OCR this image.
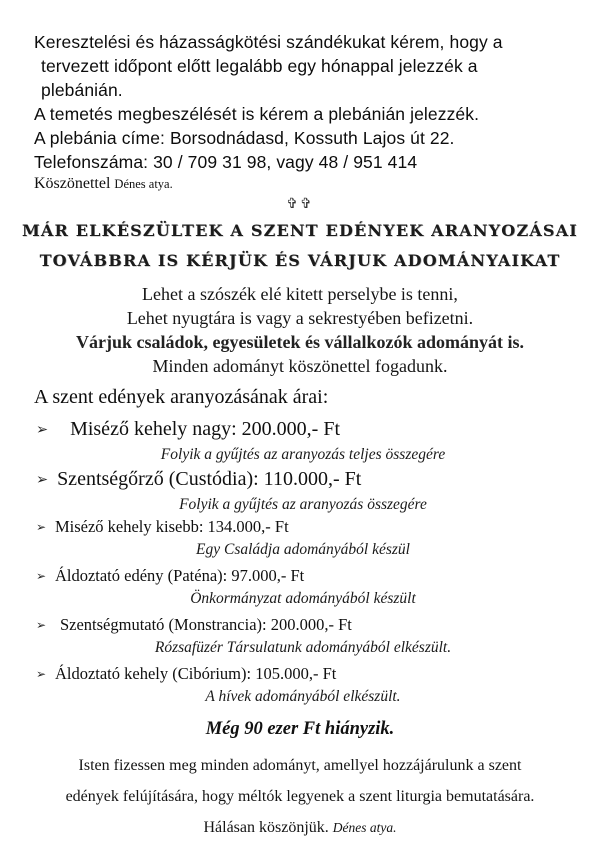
Keresztelési és házasságkötési szándékukat kérem, hogy a
tervezett időpont előtt legalább egy hónappal jelezzék a
plebánián.
A temetés megbeszélését is kérem a plebánián jelezzék.
A plebánia címe: Borsodnádasd, Kossuth Lajos út 22.
Telefonszáma: 30 / 709 31 98, vagy 48 / 951 414
Köszönettel Dénes atya.
✞✞
MÁR ELKÉSZÜLTEK A SZENT EDÉNYEK ARANYOZÁSAI
TOVÁBBRA IS KÉRJÜK ÉS VÁRJUK ADOMÁNYAIKAT
Lehet a szószék elé kitett perselybe is tenni,
Lehet nyugtára is vagy a sekrestyében befizetni.
Várjuk családok, egyesületek és vállalkozók adományát is.
Minden adományt köszönettel fogadunk.
A szent edények aranyozásának árai:
➢ Miséző kehely nagy: 200.000,- Ft
Folyik a gyűjtés az aranyozás teljes összegére
➢ Szentségőrző (Custódia): 110.000,- Ft
Folyik a gyűjtés az aranyozás összegére
➢ Miséző kehely kisebb: 134.000,- Ft
Egy Családja adományából készül
➢ Áldoztató edény (Paténa): 97.000,- Ft
Önkormányzat adományából készült
➢ Szentségmutató (Monstrancia): 200.000,- Ft
Rózsafüzér Társulatunk adományából elkészült.
➢ Áldoztató kehely (Cibórium): 105.000,- Ft
A hívek adományából elkészült.
Még 90 ezer Ft hiányzik.
Isten fizessen meg minden adományt, amellyel hozzájárulunk a szent
edények felújítására, hogy méltók legyenek a szent liturgia bemutatására.
Hálásan köszönjük. Dénes atya.
